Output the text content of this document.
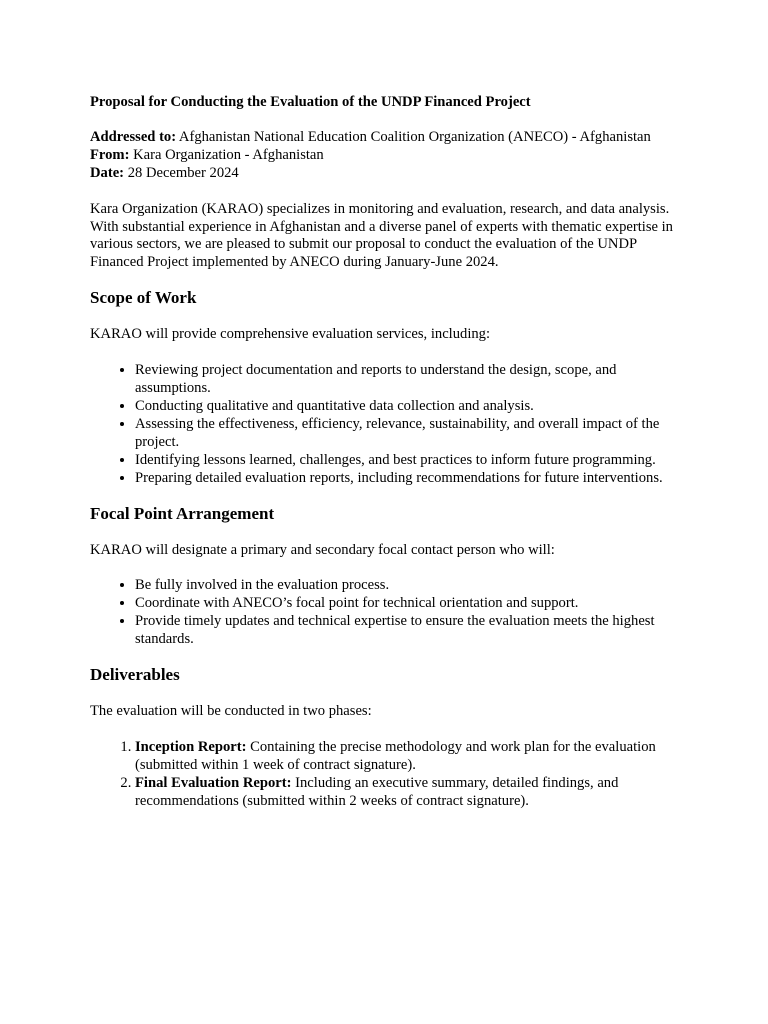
Proposal for Conducting the Evaluation of the UNDP Financed Project

Addressed to: Afghanistan National Education Coalition Organization (ANECO) - Afghanistan

From: Kara Organization - Afghanistan

Date: 28 December 2024

Kara Organization (KARAO) specializes in monitoring and evaluation, research, and data analysis. With substantial experience in Afghanistan and a diverse panel of experts with thematic expertise in various sectors, we are pleased to submit our proposal to conduct the evaluation of the UNDP Financed Project implemented by ANECO during January-June 2024.

Scope of Work

KARAO will provide comprehensive evaluation services, including:

• Reviewing project documentation and reports to understand the design, scope, and assumptions.
• Conducting qualitative and quantitative data collection and analysis.
• Assessing the effectiveness, efficiency, relevance, sustainability, and overall impact of the project.
• Identifying lessons learned, challenges, and best practices to inform future programming.
• Preparing detailed evaluation reports, including recommendations for future interventions.
Focal Point Arrangement

KARAO will designate a primary and secondary focal contact person who will:

• Be fully involved in the evaluation process.
• Coordinate with ANECO’s focal point for technical orientation and support.
• Provide timely updates and technical expertise to ensure the evaluation meets the highest standards.
Deliverables

The evaluation will be conducted in two phases:

1. Inception Report: Containing the precise methodology and work plan for the evaluation (submitted within 1 week of contract signature).
2. Final Evaluation Report: Including an executive summary, detailed findings, and recommendations (submitted within 2 weeks of contract signature).
